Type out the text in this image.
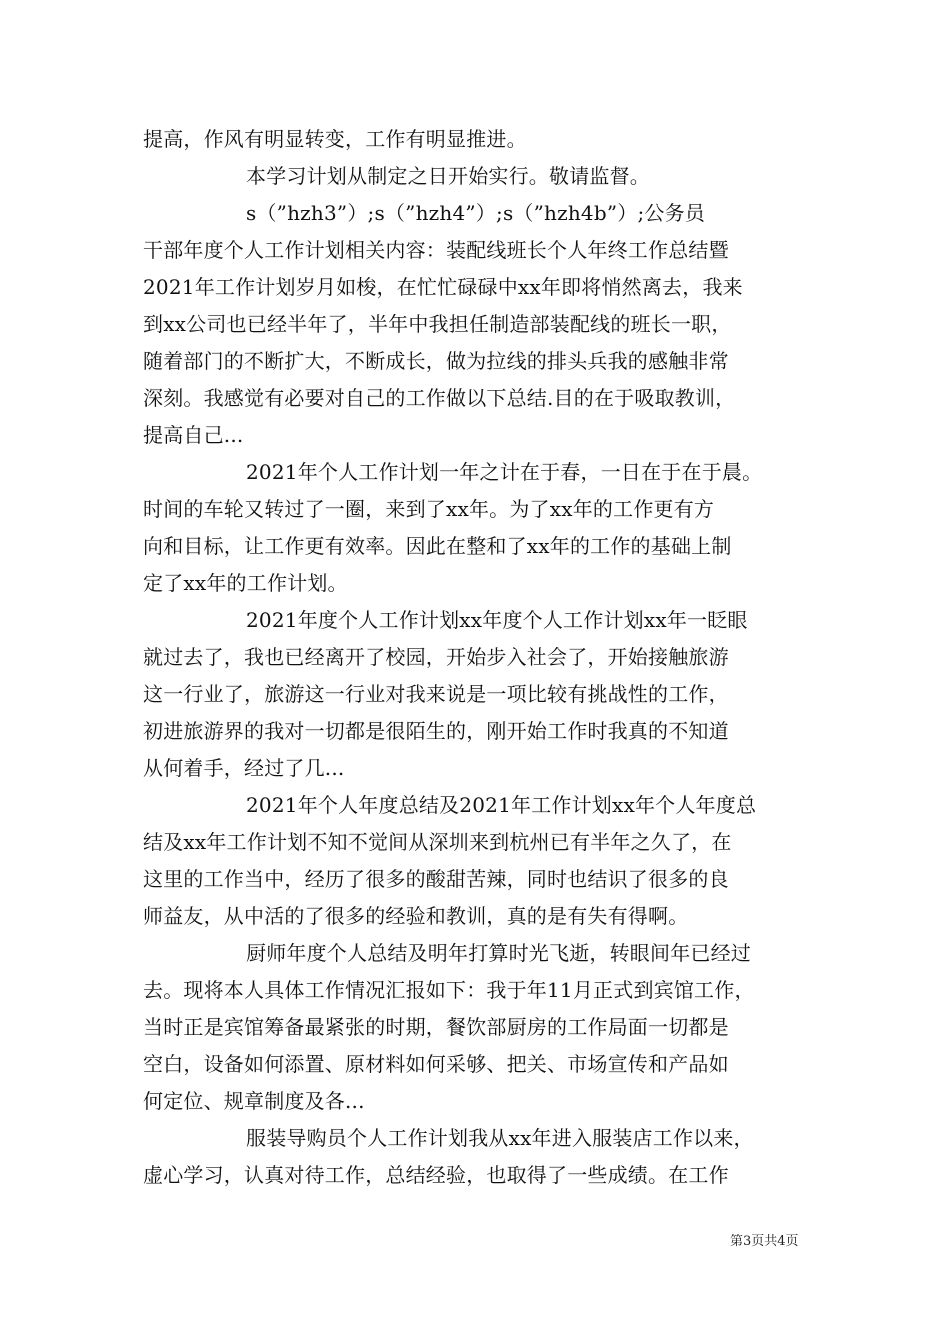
提高，作风有明显转变，工作有明显推进。
本学习计划从制定之日开始实行。敬请监督。
s（”hzh3”）;s（”hzh4”）;s（”hzh4b”）;公务员
干部年度个人工作计划相关内容：装配线班长个人年终工作总结暨
2021年工作计划岁月如梭，在忙忙碌碌中xx年即将悄然离去，我来
到xx公司也已经半年了，半年中我担任制造部装配线的班长一职，
随着部门的不断扩大，不断成长，做为拉线的排头兵我的感触非常
深刻。我感觉有必要对自己的工作做以下总结.目的在于吸取教训，
提高自己...
2021年个人工作计划一年之计在于春，一日在于在于晨。
时间的车轮又转过了一圈，来到了xx年。为了xx年的工作更有方
向和目标，让工作更有效率。因此在整和了xx年的工作的基础上制
定了xx年的工作计划。
2021年度个人工作计划xx年度个人工作计划xx年一眨眼
就过去了，我也已经离开了校园，开始步入社会了，开始接触旅游
这一行业了，旅游这一行业对我来说是一项比较有挑战性的工作，
初进旅游界的我对一切都是很陌生的，刚开始工作时我真的不知道
从何着手，经过了几...
2021年个人年度总结及2021年工作计划xx年个人年度总
结及xx年工作计划不知不觉间从深圳来到杭州已有半年之久了，在
这里的工作当中，经历了很多的酸甜苦辣，同时也结识了很多的良
师益友，从中活的了很多的经验和教训，真的是有失有得啊。
厨师年度个人总结及明年打算时光飞逝，转眼间年已经过
去。现将本人具体工作情况汇报如下：我于年11月正式到宾馆工作，
当时正是宾馆筹备最紧张的时期，餐饮部厨房的工作局面一切都是
空白，设备如何添置、原材料如何采够、把关、市场宣传和产品如
何定位、规章制度及各...
服装导购员个人工作计划我从xx年进入服装店工作以来，
虚心学习，认真对待工作，总结经验，也取得了一些成绩。在工作
第3页共4页
